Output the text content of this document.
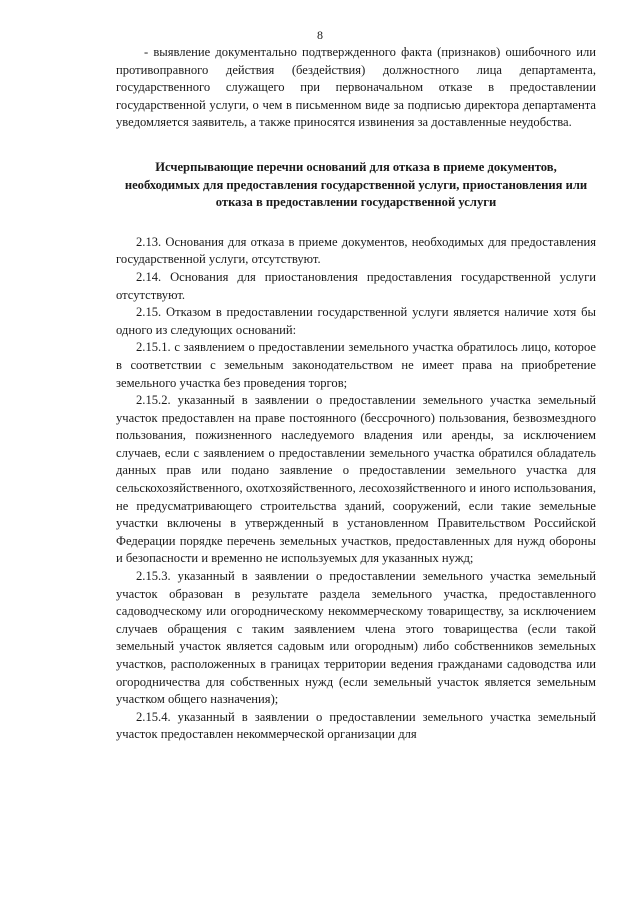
8

- выявление документально подтвержденного факта (признаков) ошибочного или противоправного действия (бездействия) должностного лица департамента, государственного служащего при первоначальном отказе в предоставлении государственной услуги, о чем в письменном виде за подписью директора департамента уведомляется заявитель, а также приносятся извинения за доставленные неудобства.

Исчерпывающие перечни оснований для отказа в приеме документов, необходимых для предоставления государственной услуги, приостановления или отказа в предоставлении государственной услуги

2.13. Основания для отказа в приеме документов, необходимых для предоставления государственной услуги, отсутствуют.

2.14. Основания для приостановления предоставления государственной услуги отсутствуют.

2.15. Отказом в предоставлении государственной услуги является наличие хотя бы одного из следующих оснований:

2.15.1. с заявлением о предоставлении земельного участка обратилось лицо, которое в соответствии с земельным законодательством не имеет права на приобретение земельного участка без проведения торгов;

2.15.2. указанный в заявлении о предоставлении земельного участка земельный участок предоставлен на праве постоянного (бессрочного) пользования, безвозмездного пользования, пожизненного наследуемого владения или аренды, за исключением случаев, если с заявлением о предоставлении земельного участка обратился обладатель данных прав или подано заявление о предоставлении земельного участка для сельскохозяйственного, охотхозяйственного, лесохозяйственного и иного использования, не предусматривающего строительства зданий, сооружений, если такие земельные участки включены в утвержденный в установленном Правительством Российской Федерации порядке перечень земельных участков, предоставленных для нужд обороны и безопасности и временно не используемых для указанных нужд;

2.15.3. указанный в заявлении о предоставлении земельного участка земельный участок образован в результате раздела земельного участка, предоставленного садоводческому или огородническому некоммерческому товариществу, за исключением случаев обращения с таким заявлением члена этого товарищества (если такой земельный участок является садовым или огородным) либо собственников земельных участков, расположенных в границах территории ведения гражданами садоводства или огородничества для собственных нужд (если земельный участок является земельным участком общего назначения);

2.15.4. указанный в заявлении о предоставлении земельного участка земельный участок предоставлен некоммерческой организации для
